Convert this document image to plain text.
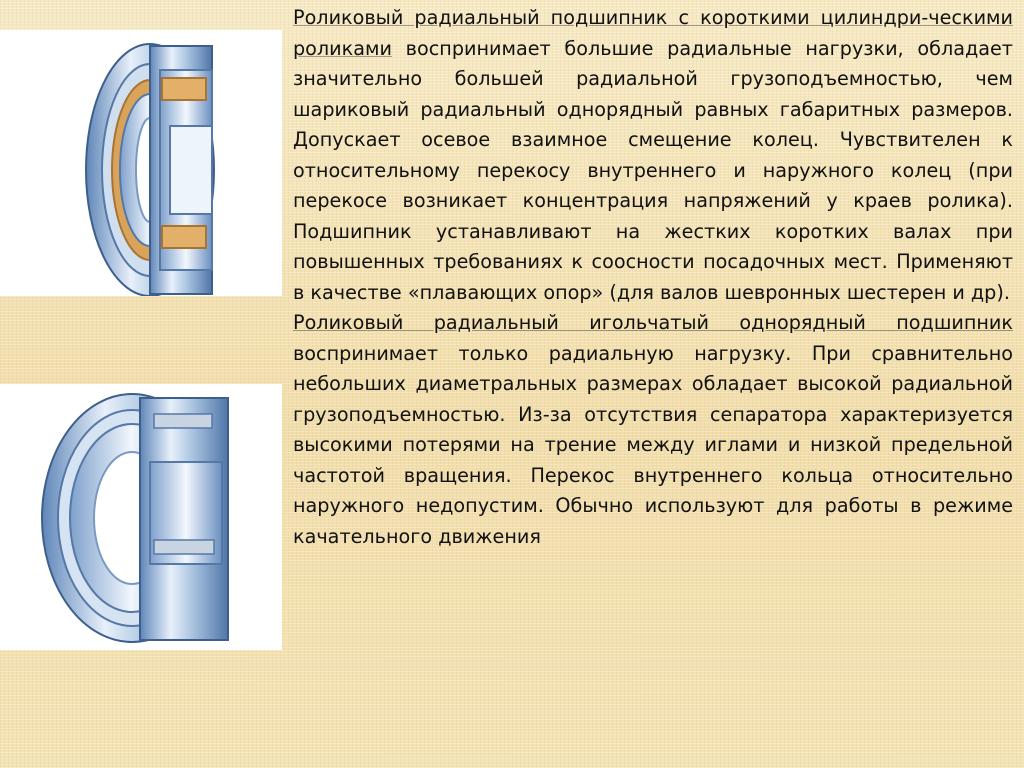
Роликовый радиальный подшипник с короткими цилиндри-ческими роликами воспринимает большие радиальные нагрузки, обладает значительно большей радиальной грузоподъемностью, чем шариковый радиальный однорядный равных габаритных размеров. Допускает осевое взаимное смещение колец. Чувствителен к относительному перекосу внутреннего и наружного колец (при перекосе возникает концентрация напряжений у краев ролика). Подшипник устанавливают на жестких коротких валах при повышенных требованиях к соосности посадочных мест. Применяют в качестве «плавающих опор» (для валов шевронных шестерен и др).

Роликовый радиальный игольчатый однорядный подшипник воспринимает только радиальную нагрузку. При сравнительно небольших диаметральных размерах обладает высокой радиальной грузоподъемностью. Из-за отсутствия сепаратора характеризуется высокими потерями на трение между иглами и низкой предельной частотой вращения. Перекос внутреннего кольца относительно наружного недопустим. Обычно используют для работы в режиме качательного движения
